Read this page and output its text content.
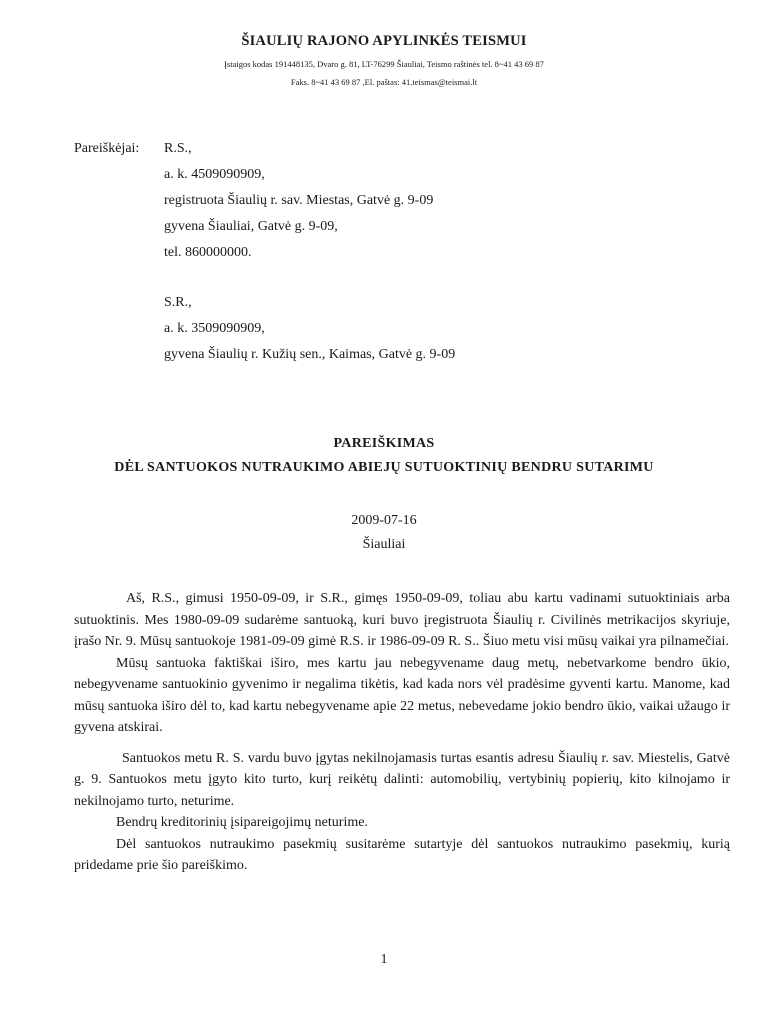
ŠIAULIŲ RAJONO APYLINKĖS TEISMUI
Įstaigos kodas 191448135, Dvaro g. 81, LT-76299 Šiauliai, Teismo raštinės tel. 8~41 43 69 87
Faks. 8~41 43 69 87 ,El. paštas: 41.teismas@teismai.lt
Pareiškėjai: R.S.,
a. k. 4509090909,
registruota Šiaulių r. sav. Miestas, Gatvė g. 9-09
gyvena Šiauliai, Gatvė g. 9-09,
tel. 860000000.
S.R.,
a. k. 3509090909,
gyvena Šiaulių r. Kužių sen., Kaimas, Gatvė g. 9-09
PAREIŠKIMAS
DĖL SANTUOKOS NUTRAUKIMO ABIEJŲ SUTUOKTINIŲ BENDRU SUTARIMU
2009-07-16
Šiauliai

Aš, R.S., gimusi 1950-09-09, ir S.R., gimęs 1950-09-09, toliau abu kartu vadinami sutuoktiniais arba sutuoktinis. Mes 1980-09-09 sudarėme santuoką, kuri buvo įregistruota Šiaulių r. Civilinės metrikacijos skyriuje, įrašo Nr. 9. Mūsų santuokoje 1981-09-09 gimė R.S. ir 1986-09-09 R. S.. Šiuo metu visi mūsų vaikai yra pilnamečiai.

Mūsų santuoka faktiškai iširo, mes kartu jau nebegyvename daug metų, nebetvarkome bendro ūkio, nebegyvename santuokinio gyvenimo ir negalima tikėtis, kad kada nors vėl pradėsime gyventi kartu. Manome, kad mūsų santuoka iširo dėl to, kad kartu nebegyvename apie 22 metus, nebevedame jokio bendro ūkio, vaikai užaugo ir gyvena atskirai.

Santuokos metu R. S. vardu buvo įgytas nekilnojamasis turtas esantis adresu Šiaulių r. sav. Miestelis, Gatvė g. 9. Santuokos metu įgyto kito turto, kurį reikėtų dalinti: automobilių, vertybinių popierių, kito kilnojamo ir nekilnojamo turto, neturime.

Bendrų kreditorinių įsipareigojimų neturime.

Dėl santuokos nutraukimo pasekmių susitarėme sutartyje dėl santuokos nutraukimo pasekmių, kurią pridedame prie šio pareiškimo.

1
